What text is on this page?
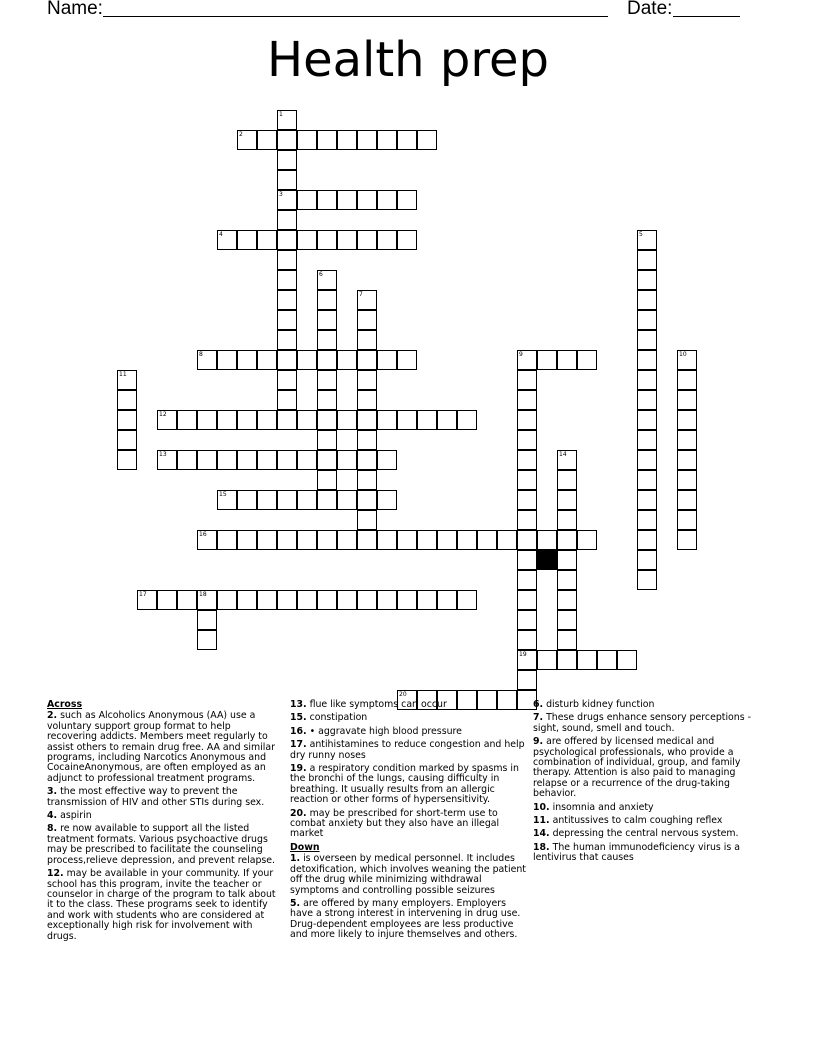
Name:	Date:
Health prep
1
3
2
4	5
6
7
8	9
19
10
11
12
13	14
15
16
17	18
20
Across
2. such as Alcoholics Anonymous (AA) use a voluntary support group format to help recovering addicts. Members meet regularly to assist others to remain drug free. AA and similar programs, including Narcotics Anonymous and CocaineAnonymous, are often employed as an adjunct to professional treatment programs.
3. the most effective way to prevent the transmission of HIV and other STIs during sex.
4. aspirin
8. re now available to support all the listed treatment formats. Various psychoactive drugs may be prescribed to facilitate the counseling process,relieve depression, and prevent relapse.
12. may be available in your community. If your school has this program, invite the teacher or counselor in charge of the program to talk about it to the class. These programs seek to identify and work with students who are considered at exceptionally high risk for involvement with drugs.
13. flue like symptoms can occur
15. constipation
16. • aggravate high blood pressure
17. antihistamines to reduce congestion and help dry runny noses
19. a respiratory condition marked by spasms in the bronchi of the lungs, causing difficulty in breathing. It usually results from an allergic reaction or other forms of hypersensitivity.
20. may be prescribed for short-term use to combat anxiety but they also have an illegal market
Down
1. is overseen by medical personnel. It includes detoxification, which involves weaning the patient off the drug while minimizing withdrawal symptoms and controlling possible seizures
5. are offered by many employers. Employers have a strong interest in intervening in drug use. Drug-dependent employees are less productive and more likely to injure themselves and others.
6. disturb kidney function
7. These drugs enhance sensory perceptions - sight, sound, smell and touch.
9. are offered by licensed medical and psychological professionals, who provide a combination of individual, group, and family therapy. Attention is also paid to managing relapse or a recurrence of the drug-taking behavior.
10. insomnia and anxiety
11. antitussives to calm coughing reflex
14. depressing the central nervous system.
18. The human immunodeficiency virus is a lentivirus that causes
